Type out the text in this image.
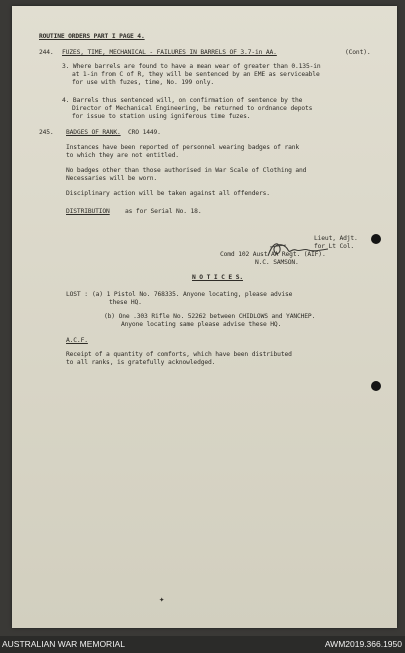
ROUTINE ORDERS PART I PAGE 4.
244. FUZES, TIME, MECHANICAL - FAILURES IN BARRELS OF 3.7-in AA.	(Cont).
3. Where barrels are found to have a mean wear of greater than 0.135-in
at 1-in from C of R, they will be sentenced by an EME as serviceable
for use with fuzes, time, No. 199 only.
4. Barrels thus sentenced will, on confirmation of sentence by the
Director of Mechanical Engineering, be returned to ordnance depots
for issue to station using igniferous time fuzes.
245. BADGES OF RANK. CRO 1449.
Instances have been reported of personnel wearing badges of rank
to which they are not entitled.
No badges other than those authorised in War Scale of Clothing and
Necessaries will be worn.
Disciplinary action will be taken against all offenders.
DISTRIBUTION as for Serial No. 18.
Lieut, Adjt.
for Lt Col.
Comd 102 Aust AA Regt. (AIF).
N.C. SAMSON.
N O T I C E S.
LOST : (a) 1 Pistol No. 768335. Anyone locating, please advise
these HQ.
(b) One .303 Rifle No. 52262 between CHIDLOWS and YANCHEP.
Anyone locating same please advise these HQ.
A.C.F.
Receipt of a quantity of comforts, which have been distributed
to all ranks, is gratefully acknowledged.
✦
AUSTRALIAN WAR MEMORIAL	AWM2019.366.1950
